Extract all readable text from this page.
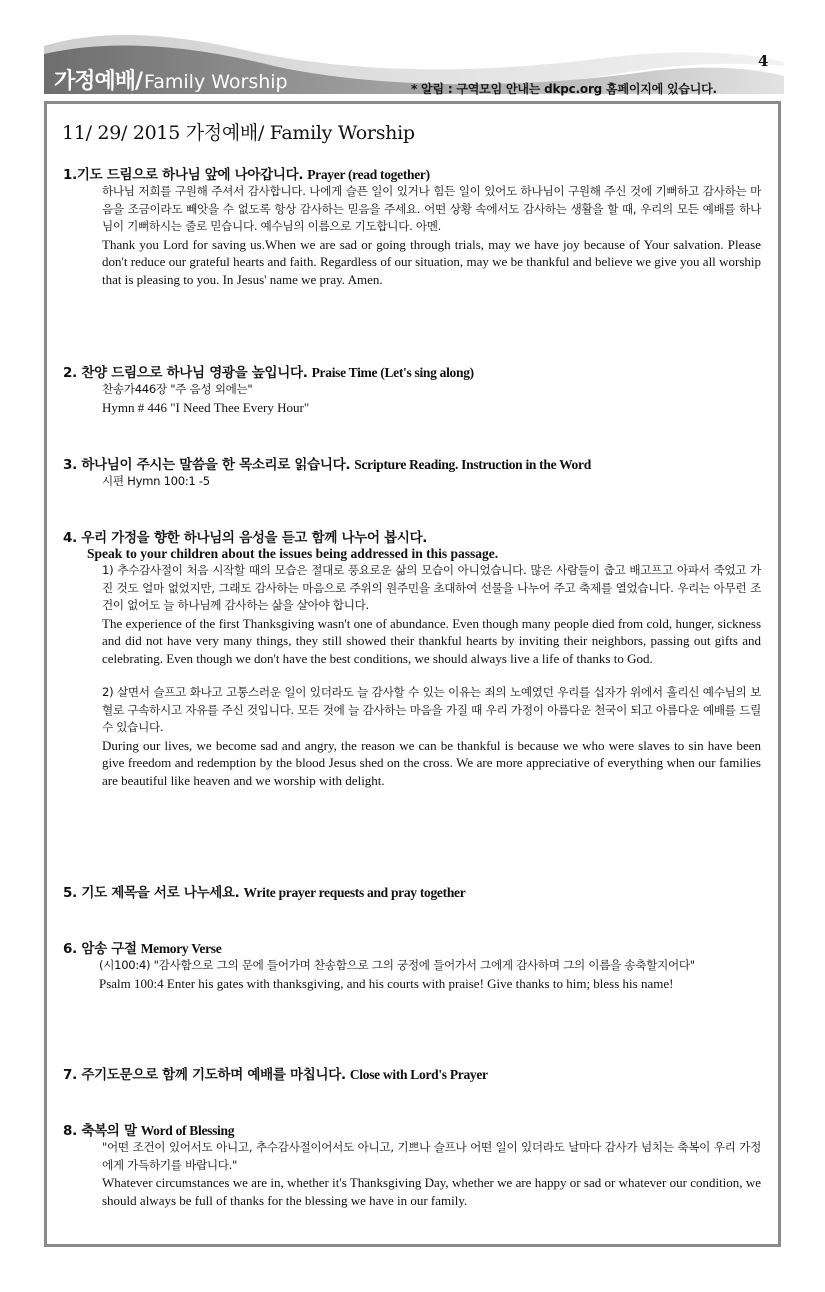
가정예배/ Family Worship
4
* 알림 : 구역모임 안내는 dkpc.org 홈페이지에 있습니다.
11/ 29/ 2015 가정예배/ Family Worship
1.기도 드림으로 하나님 앞에 나아갑니다. Prayer (read together)

하나님 저희를 구원해 주셔서 감사합니다. 나에게 슬픈 일이 있거나 힘든 일이 있어도 하나님이 구원해 주신 것에 기뻐하고 감사하는 마음을 조금이라도 빼앗을 수 없도록 항상 감사하는 믿음을 주세요. 어떤 상황 속에서도 감사하는 생활을 할 때, 우리의 모든 예배를 하나님이 기뻐하시는 줄로 믿습니다. 예수님의 이름으로 기도합니다. 아멘.

Thank you Lord for saving us.When we are sad or going through trials, may we have joy because of Your salvation. Please don't reduce our grateful hearts and faith. Regardless of our situation, may we be thankful and believe we give you all worship that is pleasing to you. In Jesus' name we pray. Amen.

2. 찬양 드림으로 하나님 영광을 높입니다. Praise Time (Let's sing along)

찬송가446장 "주 음성 외에는"

Hymn # 446 "I Need Thee Every Hour"

3. 하나님이 주시는 말씀을 한 목소리로 읽습니다. Scripture Reading. Instruction in the Word

시편 Hymn 100:1 -5

4. 우리 가정을 향한 하나님의 음성을 듣고 함께 나누어 봅시다.
Speak to your children about the issues being addressed in this passage.

1) 추수감사절이 처음 시작할 때의 모습은 절대로 풍요로운 삶의 모습이 아니었습니다. 많은 사람들이 춥고 배고프고 아파서 죽었고 가진 것도 얼마 없었지만, 그래도 감사하는 마음으로 주위의 원주민을 초대하여 선물을 나누어 주고 축제를 열었습니다. 우리는 아무런 조건이 없어도 늘 하나님께 감사하는 삶을 살아야 합니다.

The experience of the first Thanksgiving wasn't one of abundance. Even though many people died from cold, hunger, sickness and did not have very many things, they still showed their thankful hearts by inviting their neighbors, passing out gifts and celebrating. Even though we don't have the best conditions, we should always live a life of thanks to God.

2) 살면서 슬프고 화나고 고통스러운 일이 있더라도 늘 감사할 수 있는 이유는 죄의 노예였던 우리를 십자가 위에서 흘리신 예수님의 보혈로 구속하시고 자유를 주신 것입니다. 모든 것에 늘 감사하는 마음을 가질 때 우리 가정이 아름다운 천국이 되고 아름다운 예배를 드릴 수 있습니다.

During our lives, we become sad and angry, the reason we can be thankful is because we who were slaves to sin have been give freedom and redemption by the blood Jesus shed on the cross. We are more appreciative of everything when our families are beautiful like heaven and we worship with delight.

5. 기도 제목을 서로 나누세요. Write prayer requests and pray together
6. 암송 구절 Memory Verse

(시100:4) "감사함으로 그의 문에 들어가며 찬송함으로 그의 궁정에 들어가서 그에게 감사하며 그의 이름을 송축할지어다"

Psalm 100:4 Enter his gates with thanksgiving, and his courts with praise! Give thanks to him; bless his name!

7. 주기도문으로 함께 기도하며 예배를 마칩니다. Close with Lord's Prayer
8. 축복의 말 Word of Blessing

"어떤 조건이 있어서도 아니고, 추수감사절이어서도 아니고, 기쁘나 슬프나 어떤 일이 있더라도 날마다 감사가 넘치는 축복이 우리 가정에게 가득하기를 바랍니다."

Whatever circumstances we are in, whether it's Thanksgiving Day, whether we are happy or sad or whatever our condition, we should always be full of thanks for the blessing we have in our family.
